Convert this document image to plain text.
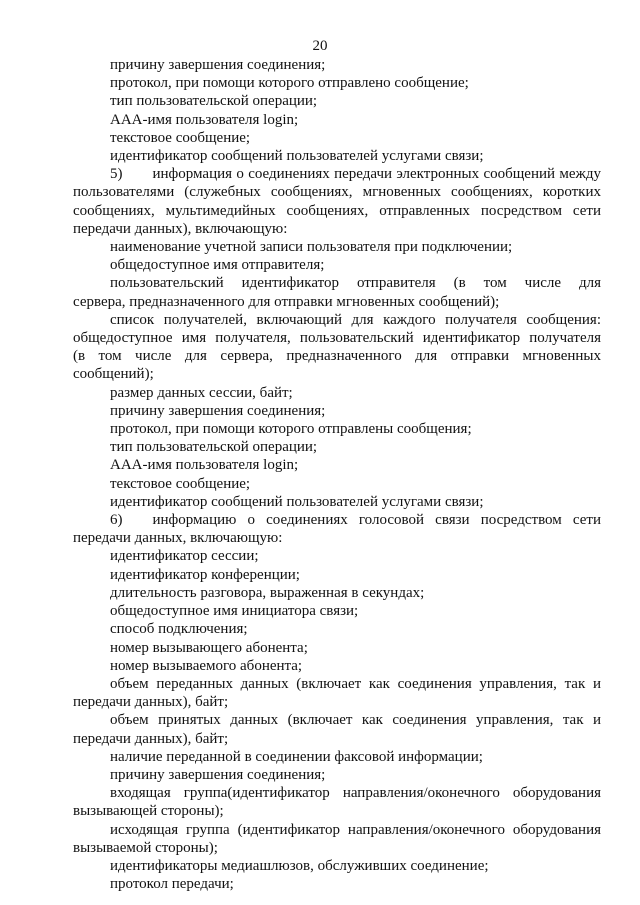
20

причину завершения соединения;

протокол, при помощи которого отправлено сообщение;

тип пользовательской операции;

ААА-имя пользователя login;

текстовое сообщение;

идентификатор сообщений пользователей услугами связи;

5)  информация о соединениях передачи электронных сообщений между

пользователями (служебных сообщениях, мгновенных сообщениях, коротких

сообщениях, мультимедийных сообщениях, отправленных посредством сети

передачи данных), включающую:

наименование учетной записи пользователя при подключении;

общедоступное имя отправителя;

пользовательский идентификатор отправителя (в том числе для

сервера, предназначенного для отправки мгновенных сообщений);

список получателей, включающий для каждого получателя сообщения:

общедоступное имя получателя, пользовательский идентификатор получателя

(в том числе для сервера, предназначенного для отправки мгновенных

сообщений);

размер данных сессии, байт;

причину завершения соединения;

протокол, при помощи которого отправлены сообщения;

тип пользовательской операции;

ААА-имя пользователя login;

текстовое сообщение;

идентификатор сообщений пользователей услугами связи;

6)  информацию о соединениях голосовой связи посредством сети

передачи данных, включающую:

идентификатор сессии;

идентификатор конференции;

длительность разговора, выраженная в секундах;

общедоступное имя инициатора связи;

способ подключения;

номер вызывающего абонента;

номер вызываемого абонента;

объем переданных данных (включает как соединения управления, так и

передачи данных), байт;

объем принятых данных (включает как соединения управления, так и

передачи данных), байт;

наличие переданной в соединении факсовой информации;

причину завершения соединения;

входящая группа(идентификатор направления/оконечного оборудования

вызывающей стороны);

исходящая группа (идентификатор направления/оконечного оборудования

вызываемой стороны);

идентификаторы медиашлюзов, обслуживших соединение;

протокол передачи;
